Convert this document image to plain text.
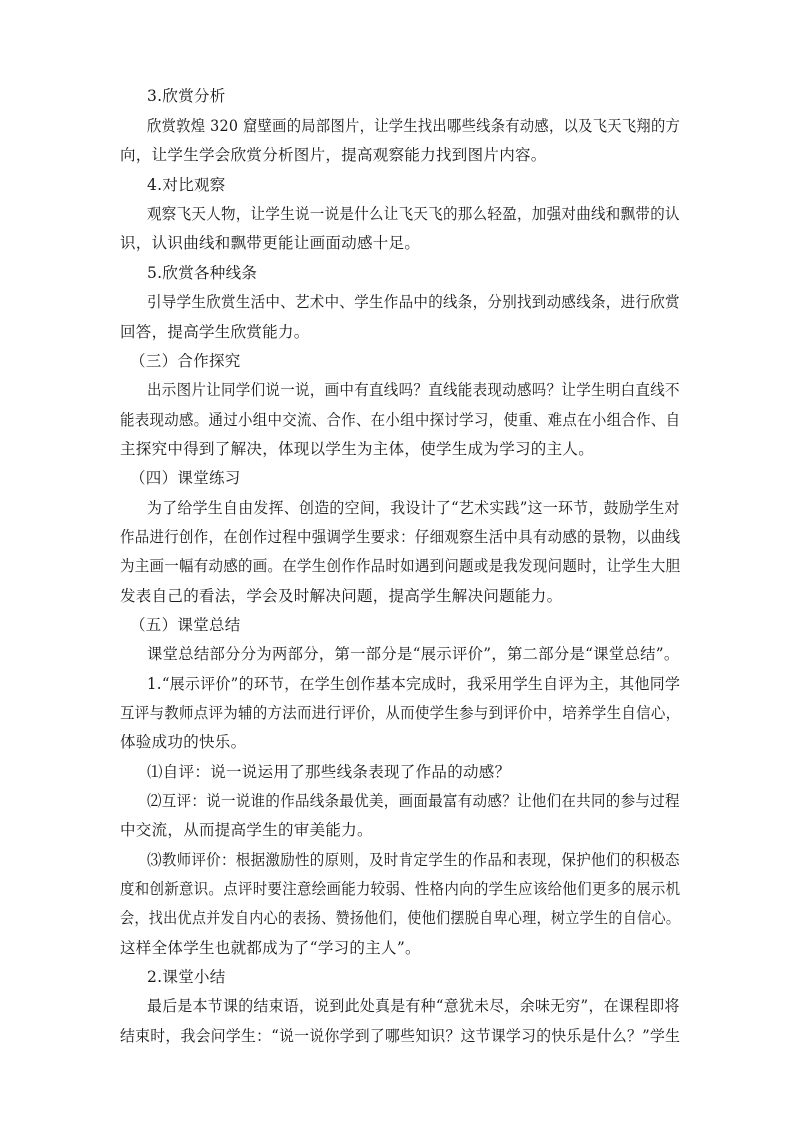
3.欣赏分析
欣赏敦煌 320 窟壁画的局部图片，让学生找出哪些线条有动感，以及飞天飞翔的方
向，让学生学会欣赏分析图片，提高观察能力找到图片内容。
4.对比观察
观察飞天人物，让学生说一说是什么让飞天飞的那么轻盈，加强对曲线和飘带的认
识，认识曲线和飘带更能让画面动感十足。
5.欣赏各种线条
引导学生欣赏生活中、艺术中、学生作品中的线条，分别找到动感线条，进行欣赏
回答，提高学生欣赏能力。
（三）合作探究
出示图片让同学们说一说，画中有直线吗？直线能表现动感吗？让学生明白直线不
能表现动感。通过小组中交流、合作、在小组中探讨学习，使重、难点在小组合作、自
主探究中得到了解决，体现以学生为主体，使学生成为学习的主人。
（四）课堂练习
为了给学生自由发挥、创造的空间，我设计了“艺术实践”这一环节，鼓励学生对
作品进行创作，在创作过程中强调学生要求：仔细观察生活中具有动感的景物，以曲线
为主画一幅有动感的画。在学生创作作品时如遇到问题或是我发现问题时，让学生大胆
发表自己的看法，学会及时解决问题，提高学生解决问题能力。
（五）课堂总结
课堂总结部分分为两部分，第一部分是“展示评价”，第二部分是“课堂总结”。
1.“展示评价”的环节，在学生创作基本完成时，我采用学生自评为主，其他同学
互评与教师点评为辅的方法而进行评价，从而使学生参与到评价中，培养学生自信心，
体验成功的快乐。
⑴自评：说一说运用了那些线条表现了作品的动感？
⑵互评：说一说谁的作品线条最优美，画面最富有动感？让他们在共同的参与过程
中交流，从而提高学生的审美能力。
⑶教师评价：根据激励性的原则，及时肯定学生的作品和表现，保护他们的积极态
度和创新意识。点评时要注意绘画能力较弱、性格内向的学生应该给他们更多的展示机
会，找出优点并发自内心的表扬、赞扬他们，使他们摆脱自卑心理，树立学生的自信心。
这样全体学生也就都成为了“学习的主人”。
2.课堂小结
最后是本节课的结束语，说到此处真是有种“意犹未尽，余味无穷”，在课程即将
结束时，我会问学生：“说一说你学到了哪些知识？这节课学习的快乐是什么？”学生
